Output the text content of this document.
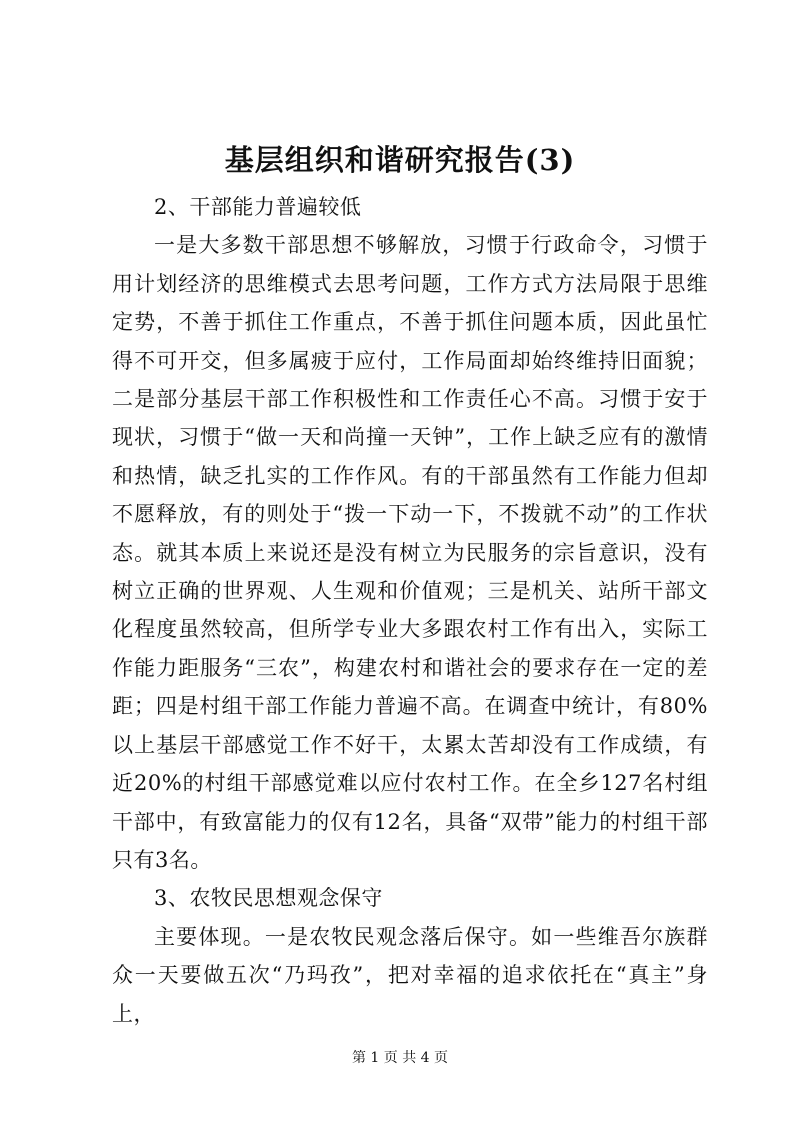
基层组织和谐研究报告(3)

2、干部能力普遍较低

一是大多数干部思想不够解放，习惯于行政命令，习惯于用计划经济的思维模式去思考问题，工作方式方法局限于思维定势，不善于抓住工作重点，不善于抓住问题本质，因此虽忙得不可开交，但多属疲于应付，工作局面却始终维持旧面貌；二是部分基层干部工作积极性和工作责任心不高。习惯于安于现状，习惯于“做一天和尚撞一天钟”，工作上缺乏应有的激情和热情，缺乏扎实的工作作风。有的干部虽然有工作能力但却不愿释放，有的则处于“拨一下动一下，不拨就不动”的工作状态。就其本质上来说还是没有树立为民服务的宗旨意识，没有树立正确的世界观、人生观和价值观；三是机关、站所干部文化程度虽然较高，但所学专业大多跟农村工作有出入，实际工作能力距服务“三农”，构建农村和谐社会的要求存在一定的差距；四是村组干部工作能力普遍不高。在调查中统计，有80%以上基层干部感觉工作不好干，太累太苦却没有工作成绩，有近20%的村组干部感觉难以应付农村工作。在全乡127名村组干部中，有致富能力的仅有12名，具备“双带”能力的村组干部只有3名。

3、农牧民思想观念保守

主要体现。一是农牧民观念落后保守。如一些维吾尔族群众一天要做五次“乃玛孜”，把对幸福的追求依托在“真主”身上，

第 1 页 共 4 页
